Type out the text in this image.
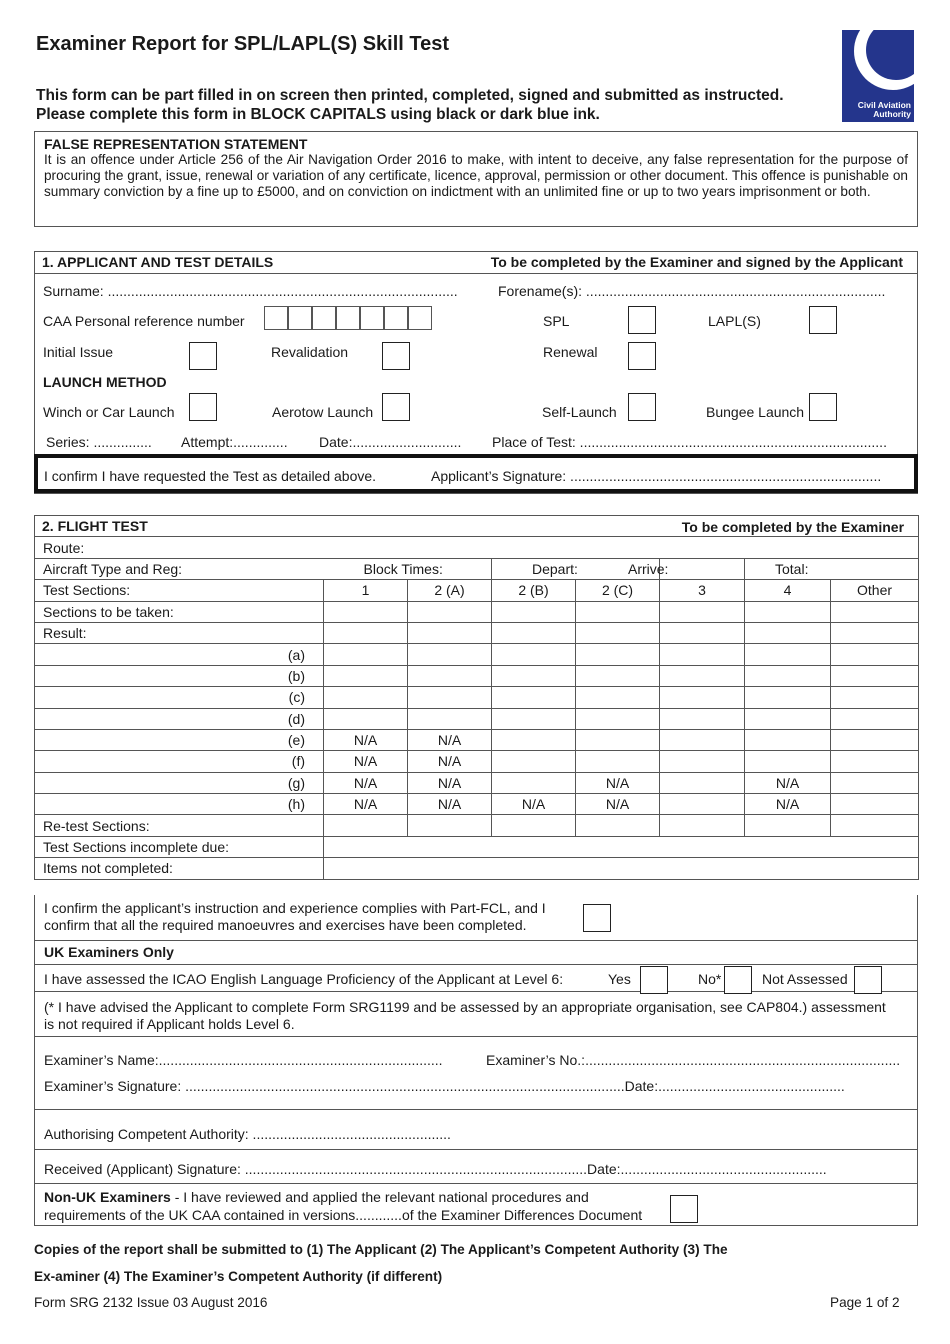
Examiner Report for SPL/LAPL(S) Skill Test
This form can be part filled in on screen then printed, completed, signed and submitted as instructed.
Please complete this form in BLOCK CAPITALS using black or dark blue ink.
Civil Aviation
Authority
FALSE REPRESENTATION STATEMENT
It is an offence under Article 256 of the Air Navigation Order 2016 to make, with intent to deceive, any false representation for the purpose of procuring the grant, issue, renewal or variation of any certificate, licence, approval, permission or other document. This offence is punishable on summary conviction by a fine up to £5000, and on conviction on indictment with an unlimited fine or up to two years imprisonment or both.
1. APPLICANT AND TEST DETAILS	To be completed by the Examiner and signed by the Applicant
Surname: ..........................................................................................	Forename(s): .............................................................................
CAA Personal reference number	SPL	LAPL(S)
Initial Issue	Revalidation	Renewal
LAUNCH METHOD
Winch or Car Launch	Aerotow Launch	Self-Launch	Bungee Launch
Series: ............... Attempt:.............. Date:............................ Place of Test: ...............................................................................
I confirm I have requested the Test as detailed above.	Applicant’s Signature: ................................................................................
2. FLIGHT TEST To be completed by the Examiner							

Route:							
Aircraft Type and Reg:	Block Times:		Depart:		Arrive:	Total:	
Test Sections:	1	2 (A)	2 (B)	2 (C)	3	4	Other
Sections to be taken:							
Result:							
(a)							
(b)							
(c)							
(d)							
(e)	N/A	N/A					
(f)	N/A	N/A					
(g)	N/A	N/A		N/A		N/A	
(h)	N/A	N/A	N/A	N/A		N/A	
Re-test Sections:							
Test Sections incomplete due:							
Items not completed:							
I confirm the applicant’s instruction and experience complies with Part-FCL, and I
confirm that all the required manoeuvres and exercises have been completed.
UK Examiners Only
I have assessed the ICAO English Language Proficiency of the Applicant at Level 6:	Yes	No*	Not Assessed
(* I have advised the Applicant to complete Form SRG1199 and be assessed by an appropriate organisation, see CAP804.) assessment
is not required if Applicant holds Level 6.
Examiner’s Name:.........................................................................	Examiner’s No.:.................................................................................
Examiner’s Signature: .................................................................................................................Date:................................................
Authorising Competent Authority: ...................................................
Received (Applicant) Signature: ........................................................................................Date:.....................................................
Non-UK Examiners - I have reviewed and applied the relevant national procedures and
requirements of the UK CAA contained in versions............of the Examiner Differences Document
Copies of the report shall be submitted to (1) The Applicant (2) The Applicant’s Competent Authority (3) The
Ex-aminer (4) The Examiner’s Competent Authority (if different)
Form SRG 2132 Issue 03 August 2016	Page 1 of 2
